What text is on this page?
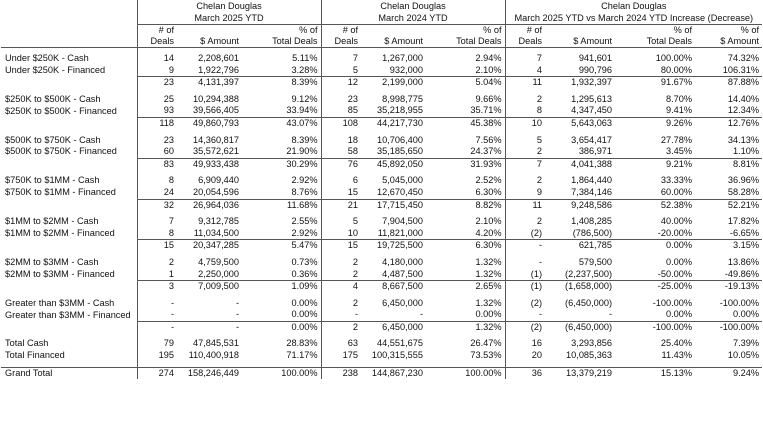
	Chelan Douglas			Chelan Douglas			Chelan Douglas			
	March 2025 YTD			March 2024 YTD			March 2025 YTD vs March 2024 YTD Increase (Decrease)			
	# of		% of	# of		% of	# of		% of	% of
	Deals	$ Amount	Total Deals	Deals	$ Amount	Total Deals	Deals	$ Amount	Total Deals	$ Amount

Under $250K - Cash	14	2,208,601	5.11%	7	1,267,000	2.94%	7	941,601	100.00%	74.32%
Under $250K - Financed	9	1,922,796	3.28%	5	932,000	2.10%	4	990,796	80.00%	106.31%
	23	4,131,397	8.39%	12	2,199,000	5.04%	11	1,932,397	91.67%	87.88%

$250K to $500K - Cash	25	10,294,388	9.12%	23	8,998,775	9.66%	2	1,295,613	8.70%	14.40%
$250K to $500K - Financed	93	39,566,405	33.94%	85	35,218,955	35.71%	8	4,347,450	9.41%	12.34%
	118	49,860,793	43.07%	108	44,217,730	45.38%	10	5,643,063	9.26%	12.76%

$500K to $750K - Cash	23	14,360,817	8.39%	18	10,706,400	7.56%	5	3,654,417	27.78%	34.13%
$500K to $750K - Financed	60	35,572,621	21.90%	58	35,185,650	24.37%	2	386,971	3.45%	1.10%
	83	49,933,438	30.29%	76	45,892,050	31.93%	7	4,041,388	9.21%	8.81%

$750K to $1MM - Cash	8	6,909,440	2.92%	6	5,045,000	2.52%	2	1,864,440	33.33%	36.96%
$750K to $1MM - Financed	24	20,054,596	8.76%	15	12,670,450	6.30%	9	7,384,146	60.00%	58.28%
	32	26,964,036	11.68%	21	17,715,450	8.82%	11	9,248,586	52.38%	52.21%

$1MM to $2MM - Cash	7	9,312,785	2.55%	5	7,904,500	2.10%	2	1,408,285	40.00%	17.82%
$1MM to $2MM - Financed	8	11,034,500	2.92%	10	11,821,000	4.20%	(2)	(786,500)	-20.00%	-6.65%
	15	20,347,285	5.47%	15	19,725,500	6.30%	-	621,785	0.00%	3.15%

$2MM to $3MM - Cash	2	4,759,500	0.73%	2	4,180,000	1.32%	-	579,500	0.00%	13.86%
$2MM to $3MM - Financed	1	2,250,000	0.36%	2	4,487,500	1.32%	(1)	(2,237,500)	-50.00%	-49.86%
	3	7,009,500	1.09%	4	8,667,500	2.65%	(1)	(1,658,000)	-25.00%	-19.13%

Greater than $3MM - Cash	-	-	0.00%	2	6,450,000	1.32%	(2)	(6,450,000)	-100.00%	-100.00%
Greater than $3MM - Financed	-	-	0.00%	-	-	0.00%	-	-	0.00%	0.00%
	-	-	0.00%	2	6,450,000	1.32%	(2)	(6,450,000)	-100.00%	-100.00%

Total Cash	79	47,845,531	28.83%	63	44,551,675	26.47%	16	3,293,856	25.40%	7.39%
Total Financed	195	110,400,918	71.17%	175	100,315,555	73.53%	20	10,085,363	11.43%	10.05%

Grand Total	274	158,246,449	100.00%	238	144,867,230	100.00%	36	13,379,219	15.13%	9.24%
